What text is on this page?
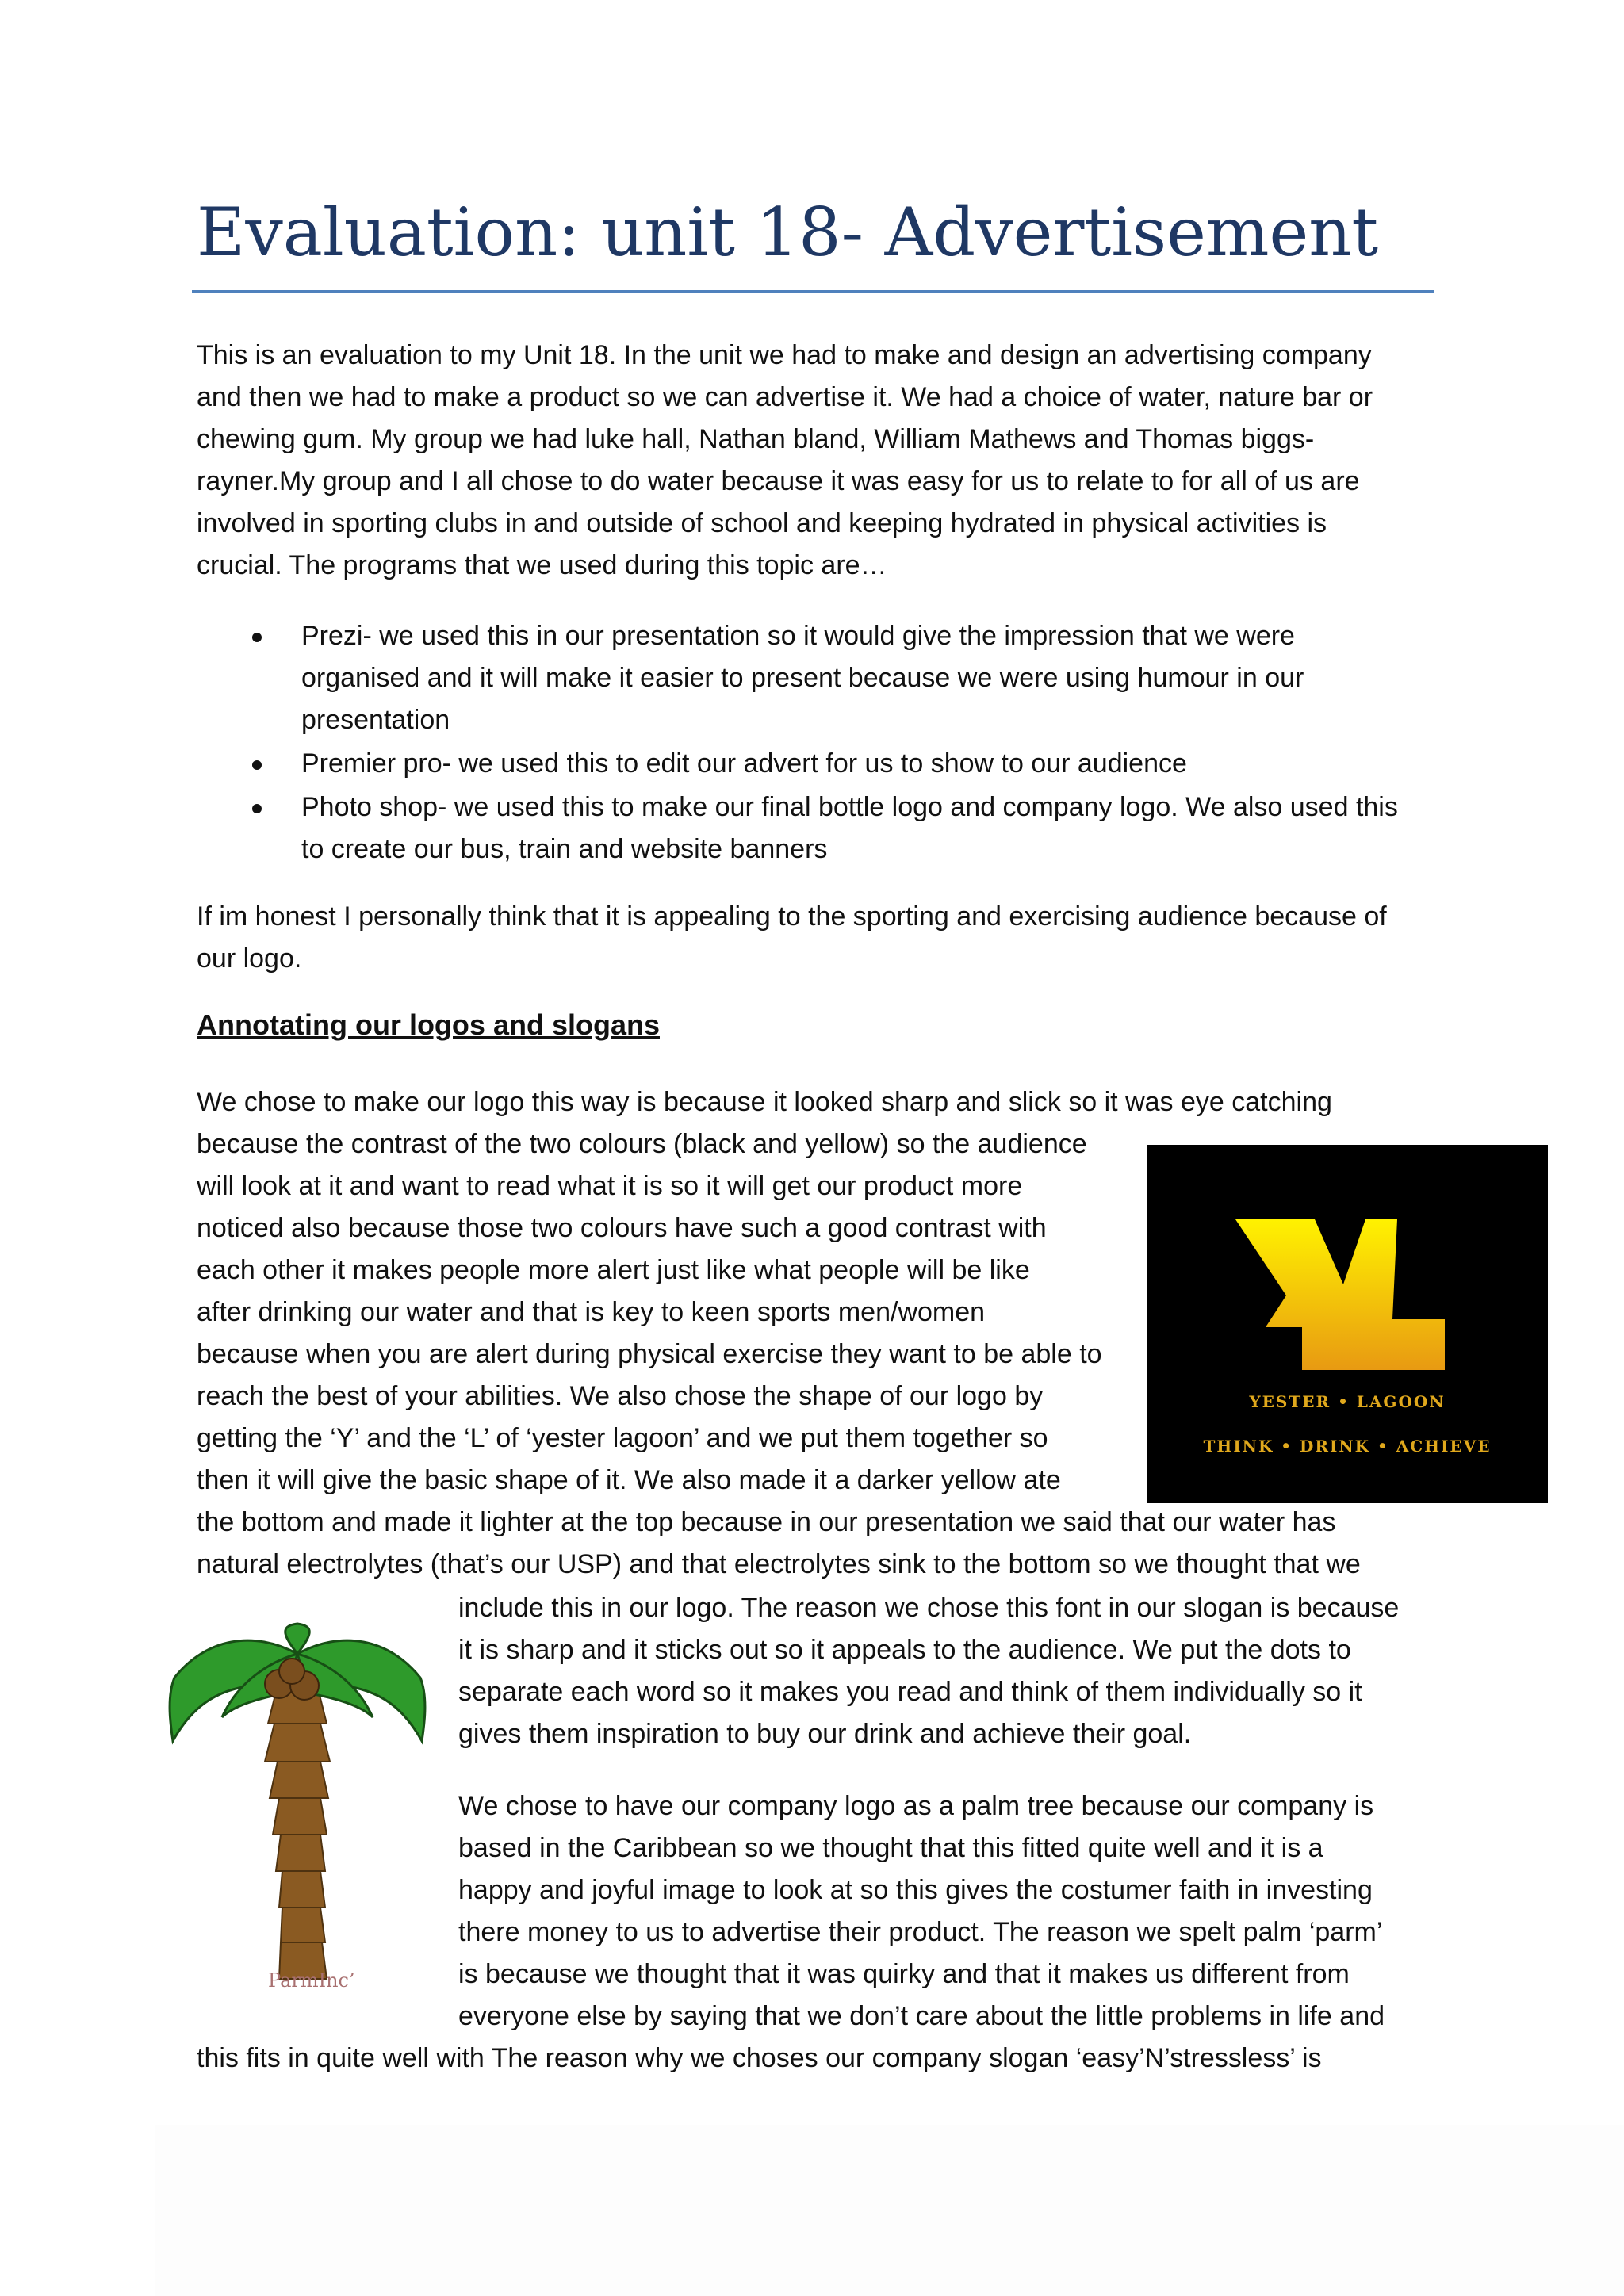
Evaluation: unit 18- Advertisement

This is an evaluation to my Unit 18. In the unit we had to make and design an advertising company
and then we had to make a product so we can advertise it. We had a choice of water, nature bar or
chewing gum. My group we had luke hall, Nathan bland, William Mathews and Thomas biggs-
rayner.My group and I all chose to do water because it was easy for us to relate to for all of us are
involved in sporting clubs in and outside of school and keeping hydrated in physical activities is
crucial. The programs that we used during this topic are…

Prezi- we used this in our presentation so it would give the impression that we were
organised and it will make it easier to present because we were using humour in our
presentation
Premier pro- we used this to edit our advert for us to show to our audience
Photo shop- we used this to make our final bottle logo and company logo. We also used this
to create our bus, train and website banners

If im honest I personally think that it is appealing to the sporting and exercising audience because of
our logo.

Annotating our logos and slogans

We chose to make our logo this way is because it looked sharp and slick so it was eye catching
because the contrast of the two colours (black and yellow) so the audience
will look at it and want to read what it is so it will get our product more
noticed also because those two colours have such a good contrast with
each other it makes people more alert just like what people will be like
after drinking our water and that is key to keen sports men/women
because when you are alert during physical exercise they want to be able to
reach the best of your abilities. We also chose the shape of our logo by
getting the ‘Y’ and the ‘L’ of ‘yester lagoon’ and we put them together so
then it will give the basic shape of it. We also made it a darker yellow ate
the bottom and made it lighter at the top because in our presentation we said that our water has
natural electrolytes (that’s our USP) and that electrolytes sink to the bottom so we thought that we

YESTER • LAGOON
THINK • DRINK • ACHIEVE
ParmInc’

include this in our logo. The reason we chose this font in our slogan is because
it is sharp and it sticks out so it appeals to the audience. We put the dots to
separate each word so it makes you read and think of them individually so it
gives them inspiration to buy our drink and achieve their goal.

We chose to have our company logo as a palm tree because our company is
based in the Caribbean so we thought that this fitted quite well and it is a
happy and joyful image to look at so this gives the costumer faith in investing
there money to us to advertise their product. The reason we spelt palm ‘parm’
is because we thought that it was quirky and that it makes us different from
everyone else by saying that we don’t care about the little problems in life and

this fits in quite well with The reason why we choses our company slogan ‘easy’N’stressless’ is
